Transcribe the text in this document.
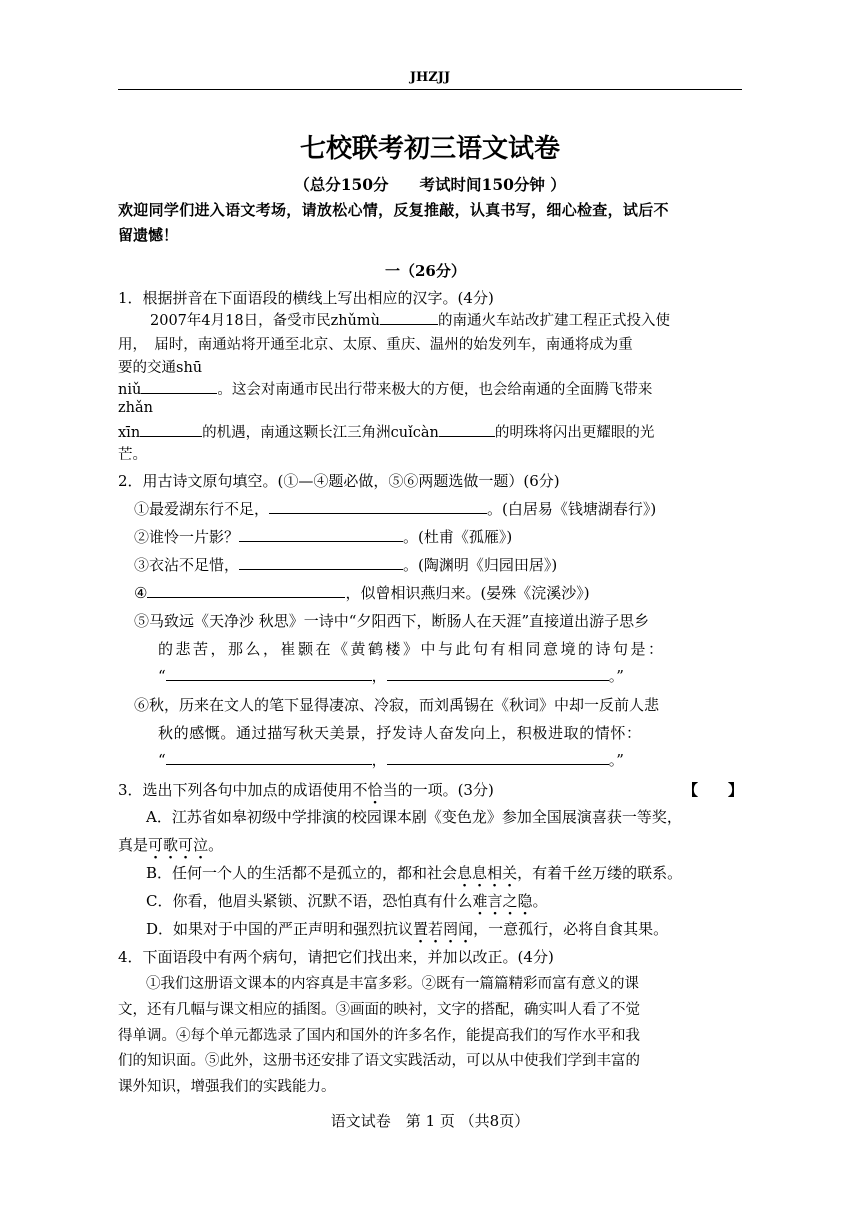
JHZJJ
七校联考初三语文试卷
（总分150分　　考试时间150分钟 ）
欢迎同学们进入语文考场，请放松心情，反复推敲，认真书写，细心检查，试后不
留遗憾！
一（26分）
1．根据拼音在下面语段的横线上写出相应的汉字。(4分)
2007年4月18日，备受市民zhǔmù	的南通火车站改扩建工程正式投入使
用，　届时，南通站将开通至北京、太原、重庆、温州的始发列车，南通将成为重
要的交通shū
niǔ	。这会对南通市民出行带来极大的方便，也会给南通的全面腾飞带来
zhǎn
xīn	的机遇，南通这颗长江三角洲cuǐcàn	的明珠将闪出更耀眼的光
芒。
2．用古诗文原句填空。(①—④题必做，⑤⑥两题选做一题）(6分)
①最爱湖东行不足，	。(白居易《钱塘湖春行》)
②谁怜一片影？	。(杜甫《孤雁》)
③衣沾不足惜，	。(陶渊明《归园田居》)
④	，似曾相识燕归来。(晏殊《浣溪沙》)
⑤马致远《天净沙 秋思》一诗中“夕阳西下，断肠人在天涯”直接道出游子思乡
的悲苦，那么，崔颢在《黄鹤楼》中与此句有相同意境的诗句是：
“	，	。”
⑥秋，历来在文人的笔下显得凄凉、冷寂，而刘禹锡在《秋词》中却一反前人悲
秋的感慨。通过描写秋天美景，抒发诗人奋发向上，积极进取的情怀：
“	，	。”
3．选出下列各句中加点的成语使用不恰当的一项。(3分)	【　　】
A．江苏省如皋初级中学排演的校园课本剧《变色龙》参加全国展演喜获一等奖，
真是可歌可泣。
B．任何一个人的生活都不是孤立的，都和社会息息相关，有着千丝万缕的联系。
C．你看，他眉头紧锁、沉默不语，恐怕真有什么难言之隐。
D．如果对于中国的严正声明和强烈抗议置若罔闻，一意孤行，必将自食其果。
4．下面语段中有两个病句，请把它们找出来，并加以改正。(4分)
①我们这册语文课本的内容真是丰富多彩。②既有一篇篇精彩而富有意义的课
文，还有几幅与课文相应的插图。③画面的映衬，文字的搭配，确实叫人看了不觉
得单调。④每个单元都选录了国内和国外的许多名作，能提高我们的写作水平和我
们的知识面。⑤此外，这册书还安排了语文实践活动，可以从中使我们学到丰富的
课外知识，增强我们的实践能力。
语文试卷　第 1 页 （共8页）
